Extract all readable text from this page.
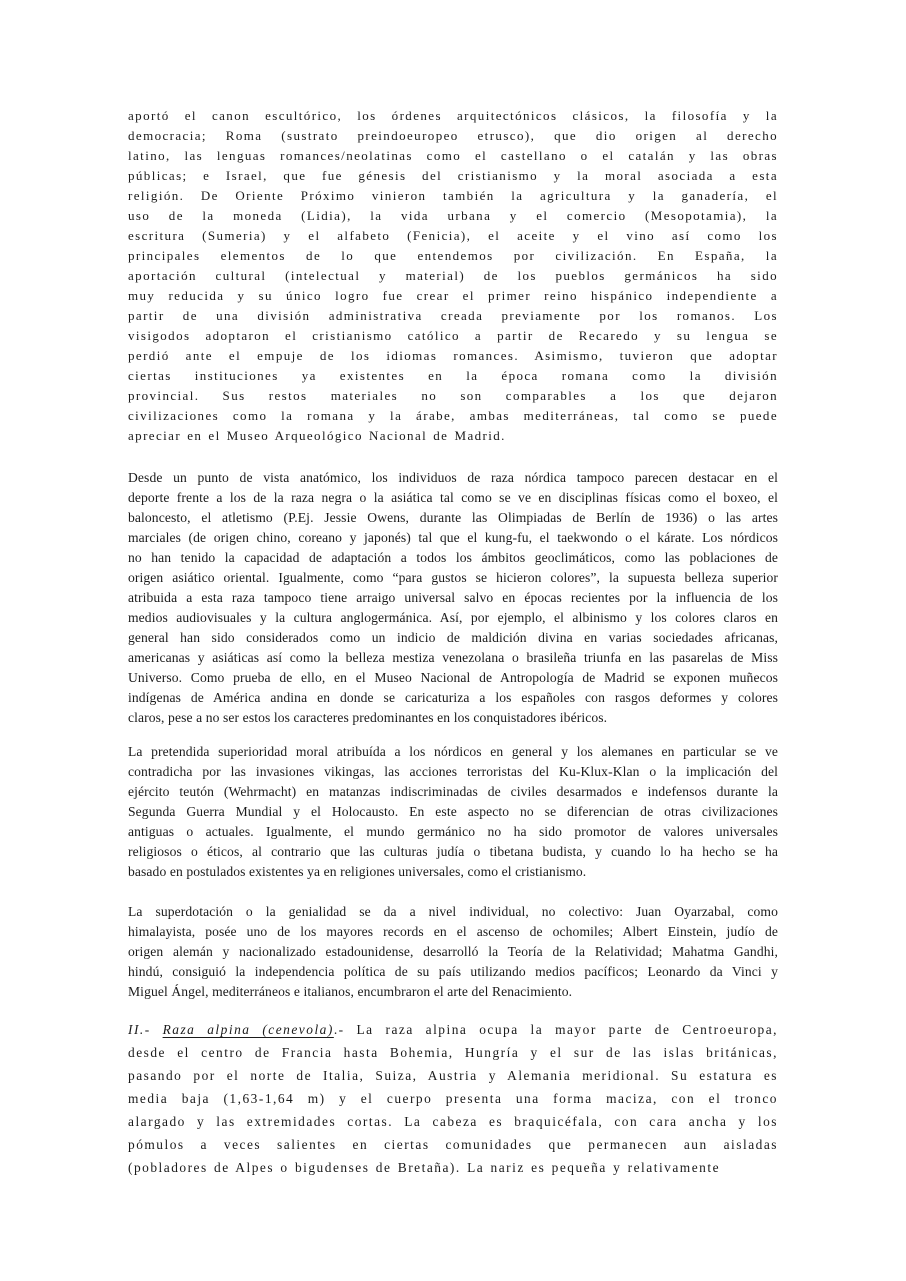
aportó el canon escultórico, los órdenes arquitectónicos clásicos, la filosofía y la
democracia; Roma (sustrato preindoeuropeo etrusco), que dio origen al derecho
latino, las lenguas romances/neolatinas como el castellano o el catalán y las obras
públicas; e Israel, que fue génesis del cristianismo y la moral asociada a esta
religión. De Oriente Próximo vinieron también la agricultura y la ganadería, el
uso de la moneda (Lidia), la vida urbana y el comercio (Mesopotamia), la
escritura (Sumeria) y el alfabeto (Fenicia), el aceite y el vino así como los
principales elementos de lo que entendemos por civilización. En España, la
aportación cultural (intelectual y material) de los pueblos germánicos ha sido
muy reducida y su único logro fue crear el primer reino hispánico independiente a
partir de una división administrativa creada previamente por los romanos. Los
visigodos adoptaron el cristianismo católico a partir de Recaredo y su lengua se
perdió ante el empuje de los idiomas romances. Asimismo, tuvieron que adoptar
ciertas instituciones ya existentes en la época romana como la división
provincial. Sus restos materiales no son comparables a los que dejaron
civilizaciones como la romana y la árabe, ambas mediterráneas, tal como se puede
apreciar en el Museo Arqueológico Nacional de Madrid.
Desde un punto de vista anatómico, los individuos de raza nórdica tampoco parecen destacar en el
deporte frente a los de la raza negra o la asiática tal como se ve en disciplinas físicas como el boxeo, el
baloncesto, el atletismo (P.Ej. Jessie Owens, durante las Olimpiadas de Berlín de 1936) o las artes
marciales (de origen chino, coreano y japonés) tal que el kung-fu, el taekwondo o el kárate. Los nórdicos
no han tenido la capacidad de adaptación a todos los ámbitos geoclimáticos, como las poblaciones de
origen asiático oriental. Igualmente, como “para gustos se hicieron colores”, la supuesta belleza superior
atribuida a esta raza tampoco tiene arraigo universal salvo en épocas recientes por la influencia de los
medios audiovisuales y la cultura anglogermánica. Así, por ejemplo, el albinismo y los colores claros en
general han sido considerados como un indicio de maldición divina en varias sociedades africanas,
americanas y asiáticas así como la belleza mestiza venezolana o brasileña triunfa en las pasarelas de Miss
Universo. Como prueba de ello, en el Museo Nacional de Antropología de Madrid se exponen muñecos
indígenas de América andina en donde se caricaturiza a los españoles con rasgos deformes y colores
claros, pese a no ser estos los caracteres predominantes en los conquistadores ibéricos.
La pretendida superioridad moral atribuída a los nórdicos en general y los alemanes en particular se ve
contradicha por las invasiones vikingas, las acciones terroristas del Ku-Klux-Klan o la implicación del
ejército teutón (Wehrmacht) en matanzas indiscriminadas de civiles desarmados e indefensos durante la
Segunda Guerra Mundial y el Holocausto. En este aspecto no se diferencian de otras civilizaciones
antiguas o actuales. Igualmente, el mundo germánico no ha sido promotor de valores universales
religiosos o éticos, al contrario que las culturas judía o tibetana budista, y cuando lo ha hecho se ha
basado en postulados existentes ya en religiones universales, como el cristianismo.
La superdotación o la genialidad se da a nivel individual, no colectivo: Juan Oyarzabal, como
himalayista, posée uno de los mayores records en el ascenso de ochomiles; Albert Einstein, judío de
origen alemán y nacionalizado estadounidense, desarrolló la Teoría de la Relatividad; Mahatma Gandhi,
hindú, consiguió la independencia política de su país utilizando medios pacíficos; Leonardo da Vinci y
Miguel Ángel, mediterráneos e italianos, encumbraron el arte del Renacimiento.
II.- Raza alpina (cenevola).- La raza alpina ocupa la mayor parte de Centroeuropa,
desde el centro de Francia hasta Bohemia, Hungría y el sur de las islas británicas,
pasando por el norte de Italia, Suiza, Austria y Alemania meridional. Su estatura es
media baja (1,63-1,64 m) y el cuerpo presenta una forma maciza, con el tronco
alargado y las extremidades cortas. La cabeza es braquicéfala, con cara ancha y los
pómulos a veces salientes en ciertas comunidades que permanecen aun aisladas
(pobladores de Alpes o bigudenses de Bretaña). La nariz es pequeña y relativamente
